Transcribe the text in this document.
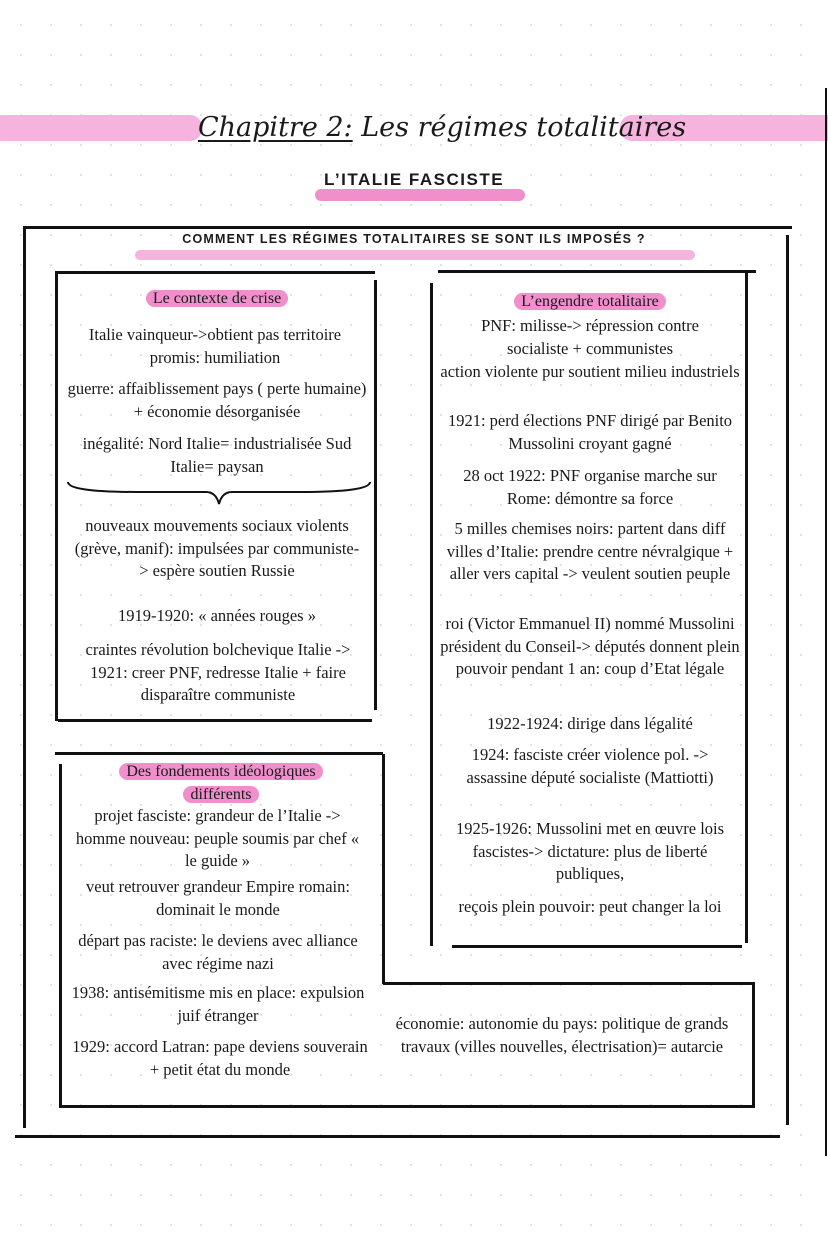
Chapitre 2: Les régimes totalitaires
L’ITALIE FASCISTE
COMMENT LES RÉGIMES TOTALITAIRES SE SONT ILS IMPOSÉS ?
Le contexte de crise
Italie vainqueur->obtient pas territoire promis: humiliation
guerre: affaiblissement pays ( perte humaine) + économie désorganisée
inégalité: Nord Italie= industrialisée Sud Italie= paysan
nouveaux mouvements sociaux violents (grève, manif): impulsées par communiste-> espère soutien Russie
1919-1920: « années rouges »
craintes révolution bolchevique Italie -> 1921: creer PNF, redresse Italie + faire disparaître communiste
L’engendre totalitaire
PNF: milisse-> répression contre socialiste + communistes
action violente pur soutient milieu industriels
1921: perd élections PNF dirigé par Benito Mussolini croyant gagné
28 oct 1922: PNF organise marche sur Rome: démontre sa force
5 milles chemises noirs: partent dans diff villes d’Italie: prendre centre névralgique + aller vers capital -> veulent soutien peuple
roi (Victor Emmanuel II) nommé Mussolini président du Conseil-> députés donnent plein pouvoir pendant 1 an: coup d’Etat légale
1922-1924: dirige dans légalité
1924: fasciste créer violence pol. -> assassine député socialiste (Mattiotti)
1925-1926: Mussolini met en œuvre lois fascistes-> dictature: plus de liberté publiques,
reçois plein pouvoir: peut changer la loi
Des fondements idéologiques
différents
projet fasciste: grandeur de l’Italie -> homme nouveau: peuple soumis par chef « le guide »
veut retrouver grandeur Empire romain: dominait le monde
départ pas raciste: le deviens avec alliance avec régime nazi
1938: antisémitisme mis en place: expulsion juif étranger
1929: accord Latran: pape deviens souverain + petit état du monde
économie: autonomie du pays: politique de grands travaux (villes nouvelles, électrisation)= autarcie
